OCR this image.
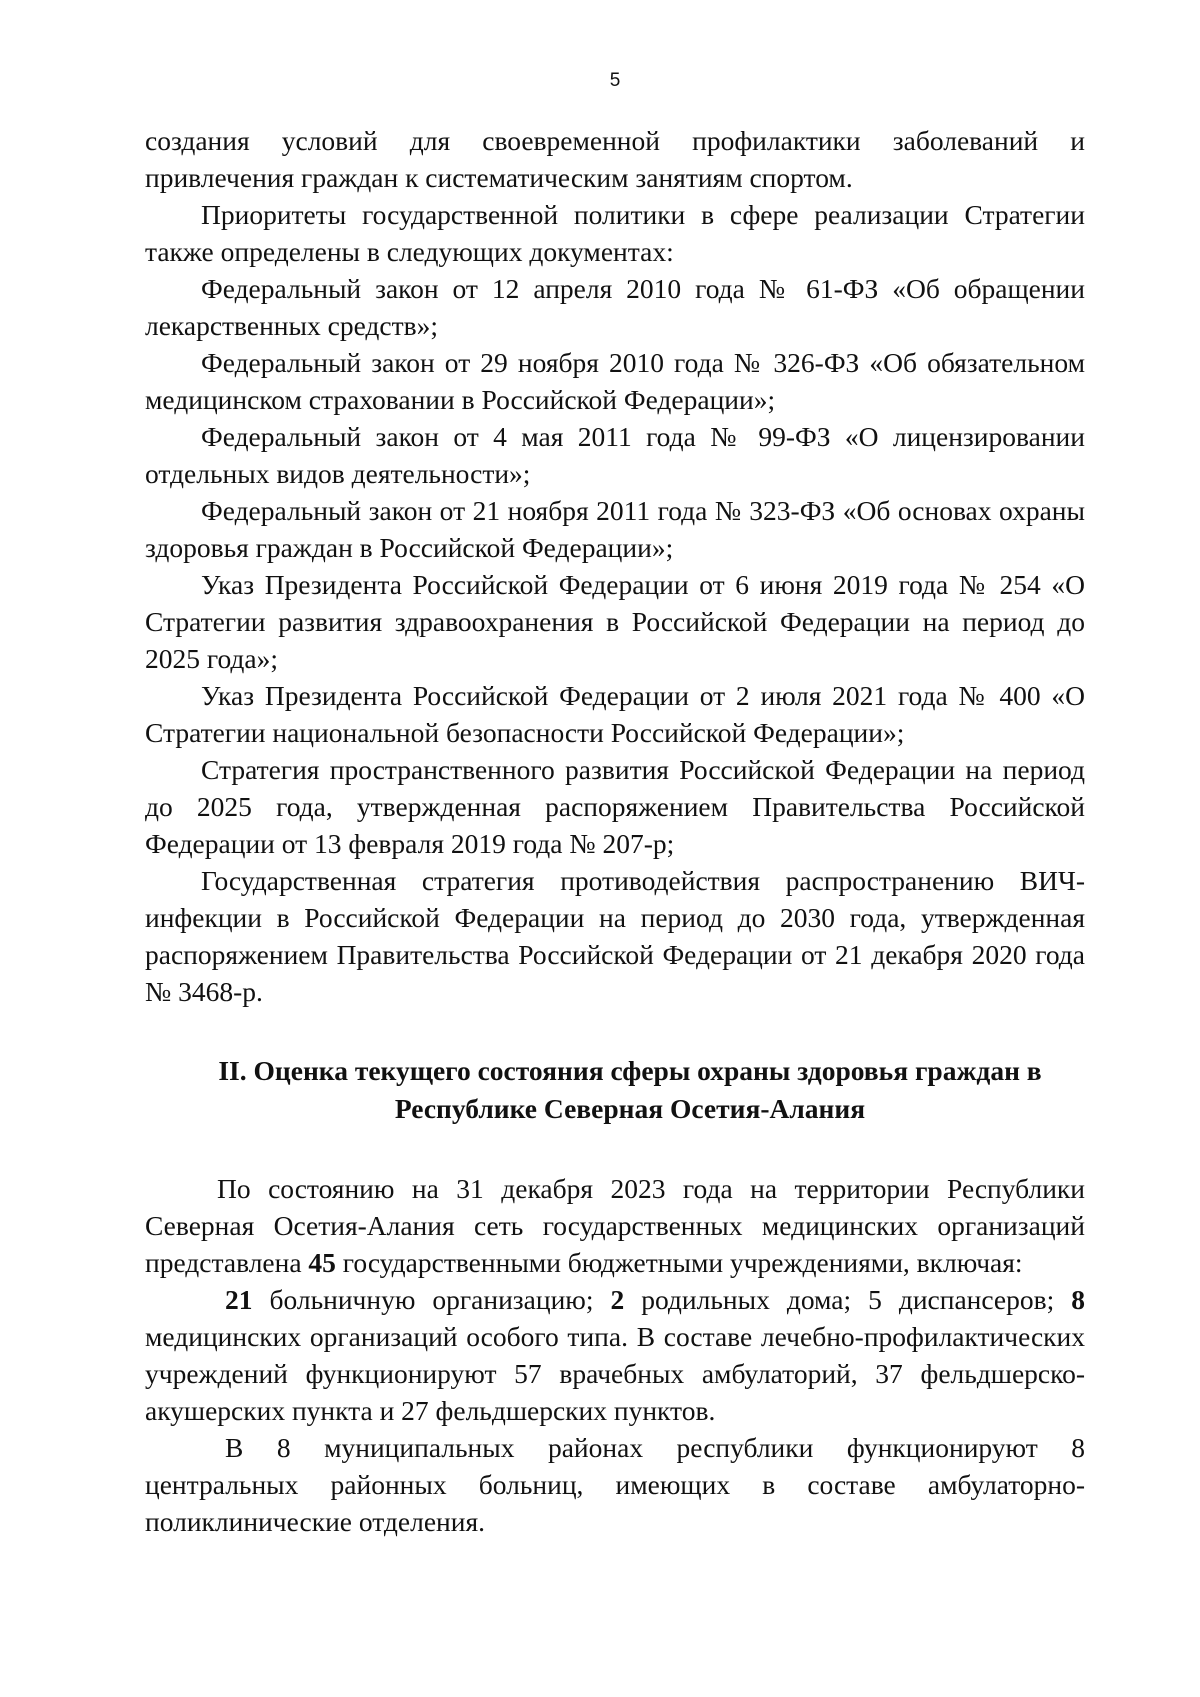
5

создания условий для своевременной профилактики заболеваний и привлечения граждан к систематическим занятиям спортом.

Приоритеты государственной политики в сфере реализации Стратегии также определены в следующих документах:

Федеральный закон от 12 апреля 2010 года № 61-ФЗ «Об обращении лекарственных средств»;

Федеральный закон от 29 ноября 2010 года № 326-ФЗ «Об обязательном медицинском страховании в Российской Федерации»;

Федеральный закон от 4 мая 2011 года № 99-ФЗ «О лицензировании отдельных видов деятельности»;

Федеральный закон от 21 ноября 2011 года № 323-ФЗ «Об основах охраны здоровья граждан в Российской Федерации»;

Указ Президента Российской Федерации от 6 июня 2019 года № 254 «О Стратегии развития здравоохранения в Российской Федерации на период до 2025 года»;

Указ Президента Российской Федерации от 2 июля 2021 года № 400 «О Стратегии национальной безопасности Российской Федерации»;

Стратегия пространственного развития Российской Федерации на период до 2025 года, утвержденная распоряжением Правительства Российской Федерации от 13 февраля 2019 года № 207-р;

Государственная стратегия противодействия распространению ВИЧ-инфекции в Российской Федерации на период до 2030 года, утвержденная распоряжением Правительства Российской Федерации от 21 декабря 2020 года № 3468-р.

II. Оценка текущего состояния сферы охраны здоровья граждан в Республике Северная Осетия-Алания

По состоянию на 31 декабря 2023 года на территории Республики Северная Осетия-Алания сеть государственных медицинских организаций представлена 45 государственными бюджетными учреждениями, включая:

21 больничную организацию; 2 родильных дома; 5 диспансеров; 8 медицинских организаций особого типа. В составе лечебно-профилактических учреждений функционируют 57 врачебных амбулаторий, 37 фельдшерско-акушерских пункта и 27 фельдшерских пунктов.

В 8 муниципальных районах республики функционируют 8 центральных районных больниц, имеющих в составе амбулаторно-поликлинические отделения.
